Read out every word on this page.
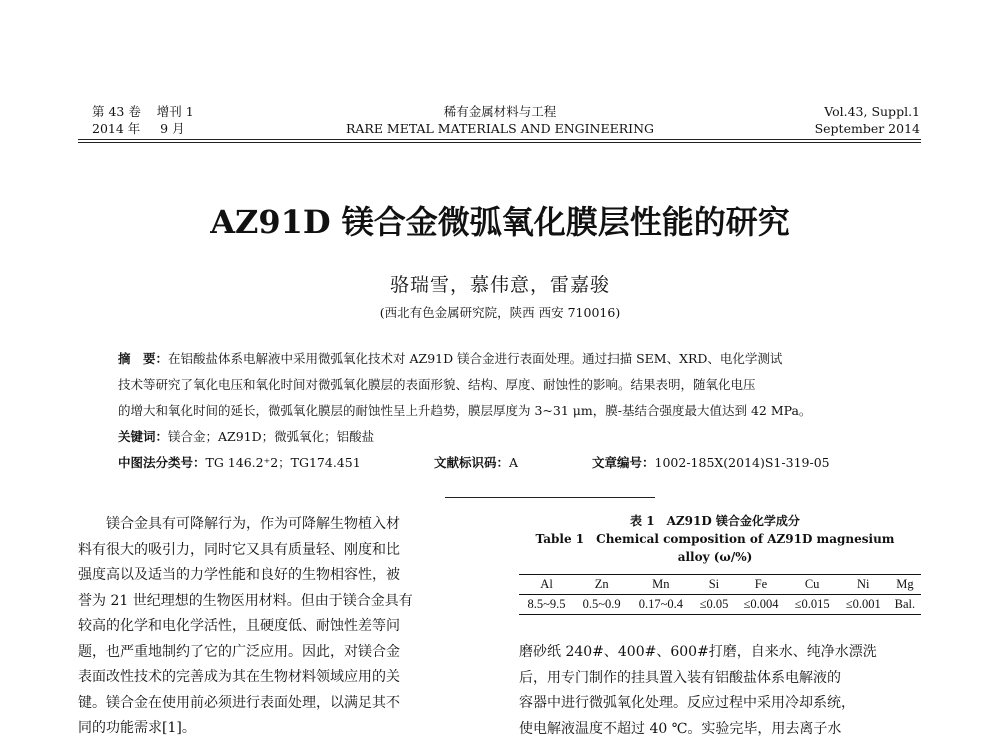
第 43 卷 增刊 1
2014 年 9 月
稀有金属材料与工程
RARE METAL MATERIALS AND ENGINEERING
Vol.43, Suppl.1
September 2014
AZ91D 镁合金微弧氧化膜层性能的研究
骆瑞雪，慕伟意，雷嘉骏
(西北有色金属研究院，陕西 西安 710016)

摘　要：在铝酸盐体系电解液中采用微弧氧化技术对 AZ91D 镁合金进行表面处理。通过扫描 SEM、XRD、电化学测试

技术等研究了氧化电压和氧化时间对微弧氧化膜层的表面形貌、结构、厚度、耐蚀性的影响。结果表明，随氧化电压

的增大和氧化时间的延长，微弧氧化膜层的耐蚀性呈上升趋势，膜层厚度为 3~31 μm，膜-基结合强度最大值达到 42 MPa。

关键词：镁合金；AZ91D；微弧氧化；铝酸盐

中图法分类号：TG 146.2⁺2；TG174.451	文献标识码：A	文章编号：1002-185X(2014)S1-319-05

镁合金具有可降解行为，作为可降解生物植入材

料有很大的吸引力，同时它又具有质量轻、刚度和比

强度高以及适当的力学性能和良好的生物相容性，被

誉为 21 世纪理想的生物医用材料。但由于镁合金具有

较高的化学和电化学活性，且硬度低、耐蚀性差等问

题，也严重地制约了它的广泛应用。因此，对镁合金

表面改性技术的完善成为其在生物材料领域应用的关

键。镁合金在使用前必须进行表面处理，以满足其不

同的功能需求[1]。

表 1　AZ91D 镁合金化学成分
Table 1　Chemical composition of AZ91D magnesium
alloy (ω/%)
Al	Zn	Mn	Si	Fe	Cu	Ni	Mg
8.5~9.5	0.5~0.9	0.17~0.4	≤0.05	≤0.004	≤0.015	≤0.001	Bal.

磨砂纸 240#、400#、600#打磨，自来水、纯净水漂洗

后，用专门制作的挂具置入装有铝酸盐体系电解液的

容器中进行微弧氧化处理。反应过程中采用冷却系统，

使电解液温度不超过 40 ℃。实验完毕，用去离子水
